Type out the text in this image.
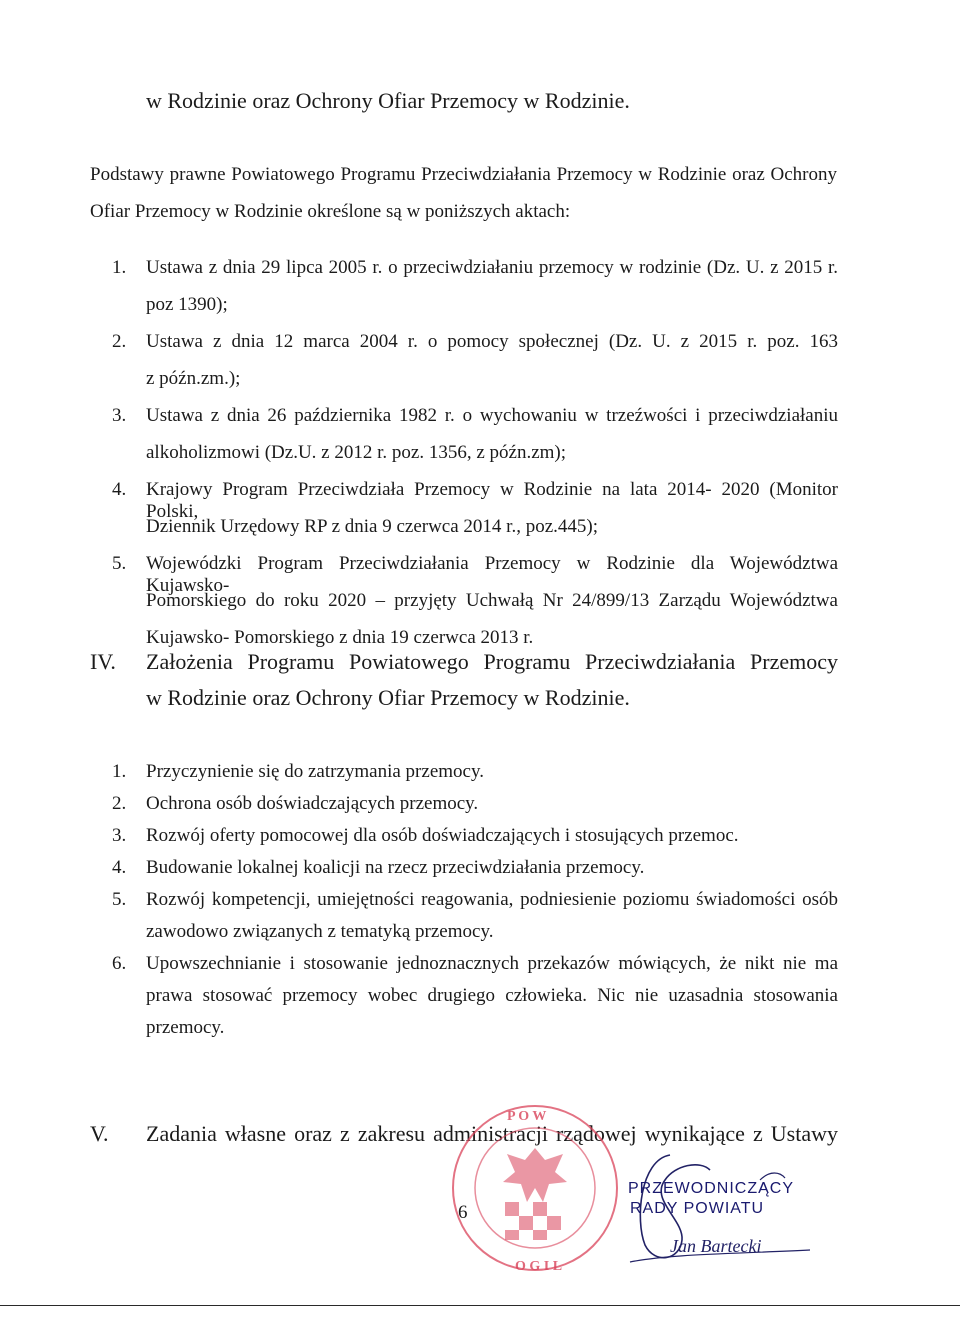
w Rodzinie oraz Ochrony Ofiar Przemocy w Rodzinie.
Podstawy prawne Powiatowego Programu Przeciwdziałania Przemocy w Rodzinie oraz Ochrony
Ofiar Przemocy w Rodzinie określone są w poniższych aktach:
1. Ustawa z dnia 29 lipca 2005 r. o przeciwdziałaniu przemocy w rodzinie (Dz. U. z 2015 r.
poz 1390);
2. Ustawa z dnia 12 marca 2004 r. o pomocy społecznej (Dz. U. z 2015 r. poz. 163
z późn.zm.);
3. Ustawa z dnia 26 października 1982 r. o wychowaniu w trzeźwości i przeciwdziałaniu
alkoholizmowi (Dz.U. z 2012 r. poz. 1356, z późn.zm);
4. Krajowy Program Przeciwdziała Przemocy w Rodzinie na lata 2014- 2020 (Monitor Polski,
Dziennik Urzędowy RP z dnia 9 czerwca 2014 r., poz.445);
5. Wojewódzki Program Przeciwdziałania Przemocy w Rodzinie dla Województwa Kujawsko-
Pomorskiego do roku 2020 – przyjęty Uchwałą Nr 24/899/13 Zarządu Województwa
Kujawsko- Pomorskiego z dnia 19 czerwca 2013 r.
IV. Założenia Programu Powiatowego Programu Przeciwdziałania Przemocy
w Rodzinie oraz Ochrony Ofiar Przemocy w Rodzinie.
1. Przyczynienie się do zatrzymania przemocy.
2. Ochrona osób doświadczających przemocy.
3. Rozwój oferty pomocowej dla osób doświadczających i stosujących przemoc.
4. Budowanie lokalnej koalicji na rzecz przeciwdziałania przemocy.
5. Rozwój kompetencji, umiejętności reagowania, podniesienie poziomu świadomości osób
zawodowo związanych z tematyką przemocy.
6. Upowszechnianie i stosowanie jednoznacznych przekazów mówiących, że nikt nie ma
prawa stosować przemocy wobec drugiego człowieka. Nic nie uzasadnia stosowania
przemocy.
V. Zadania własne oraz z zakresu administracji rządowej wynikające z Ustawy
P O W
O G I L
6
PRZEWODNICZĄCY
RADY POWIATU
Jan Bartecki
